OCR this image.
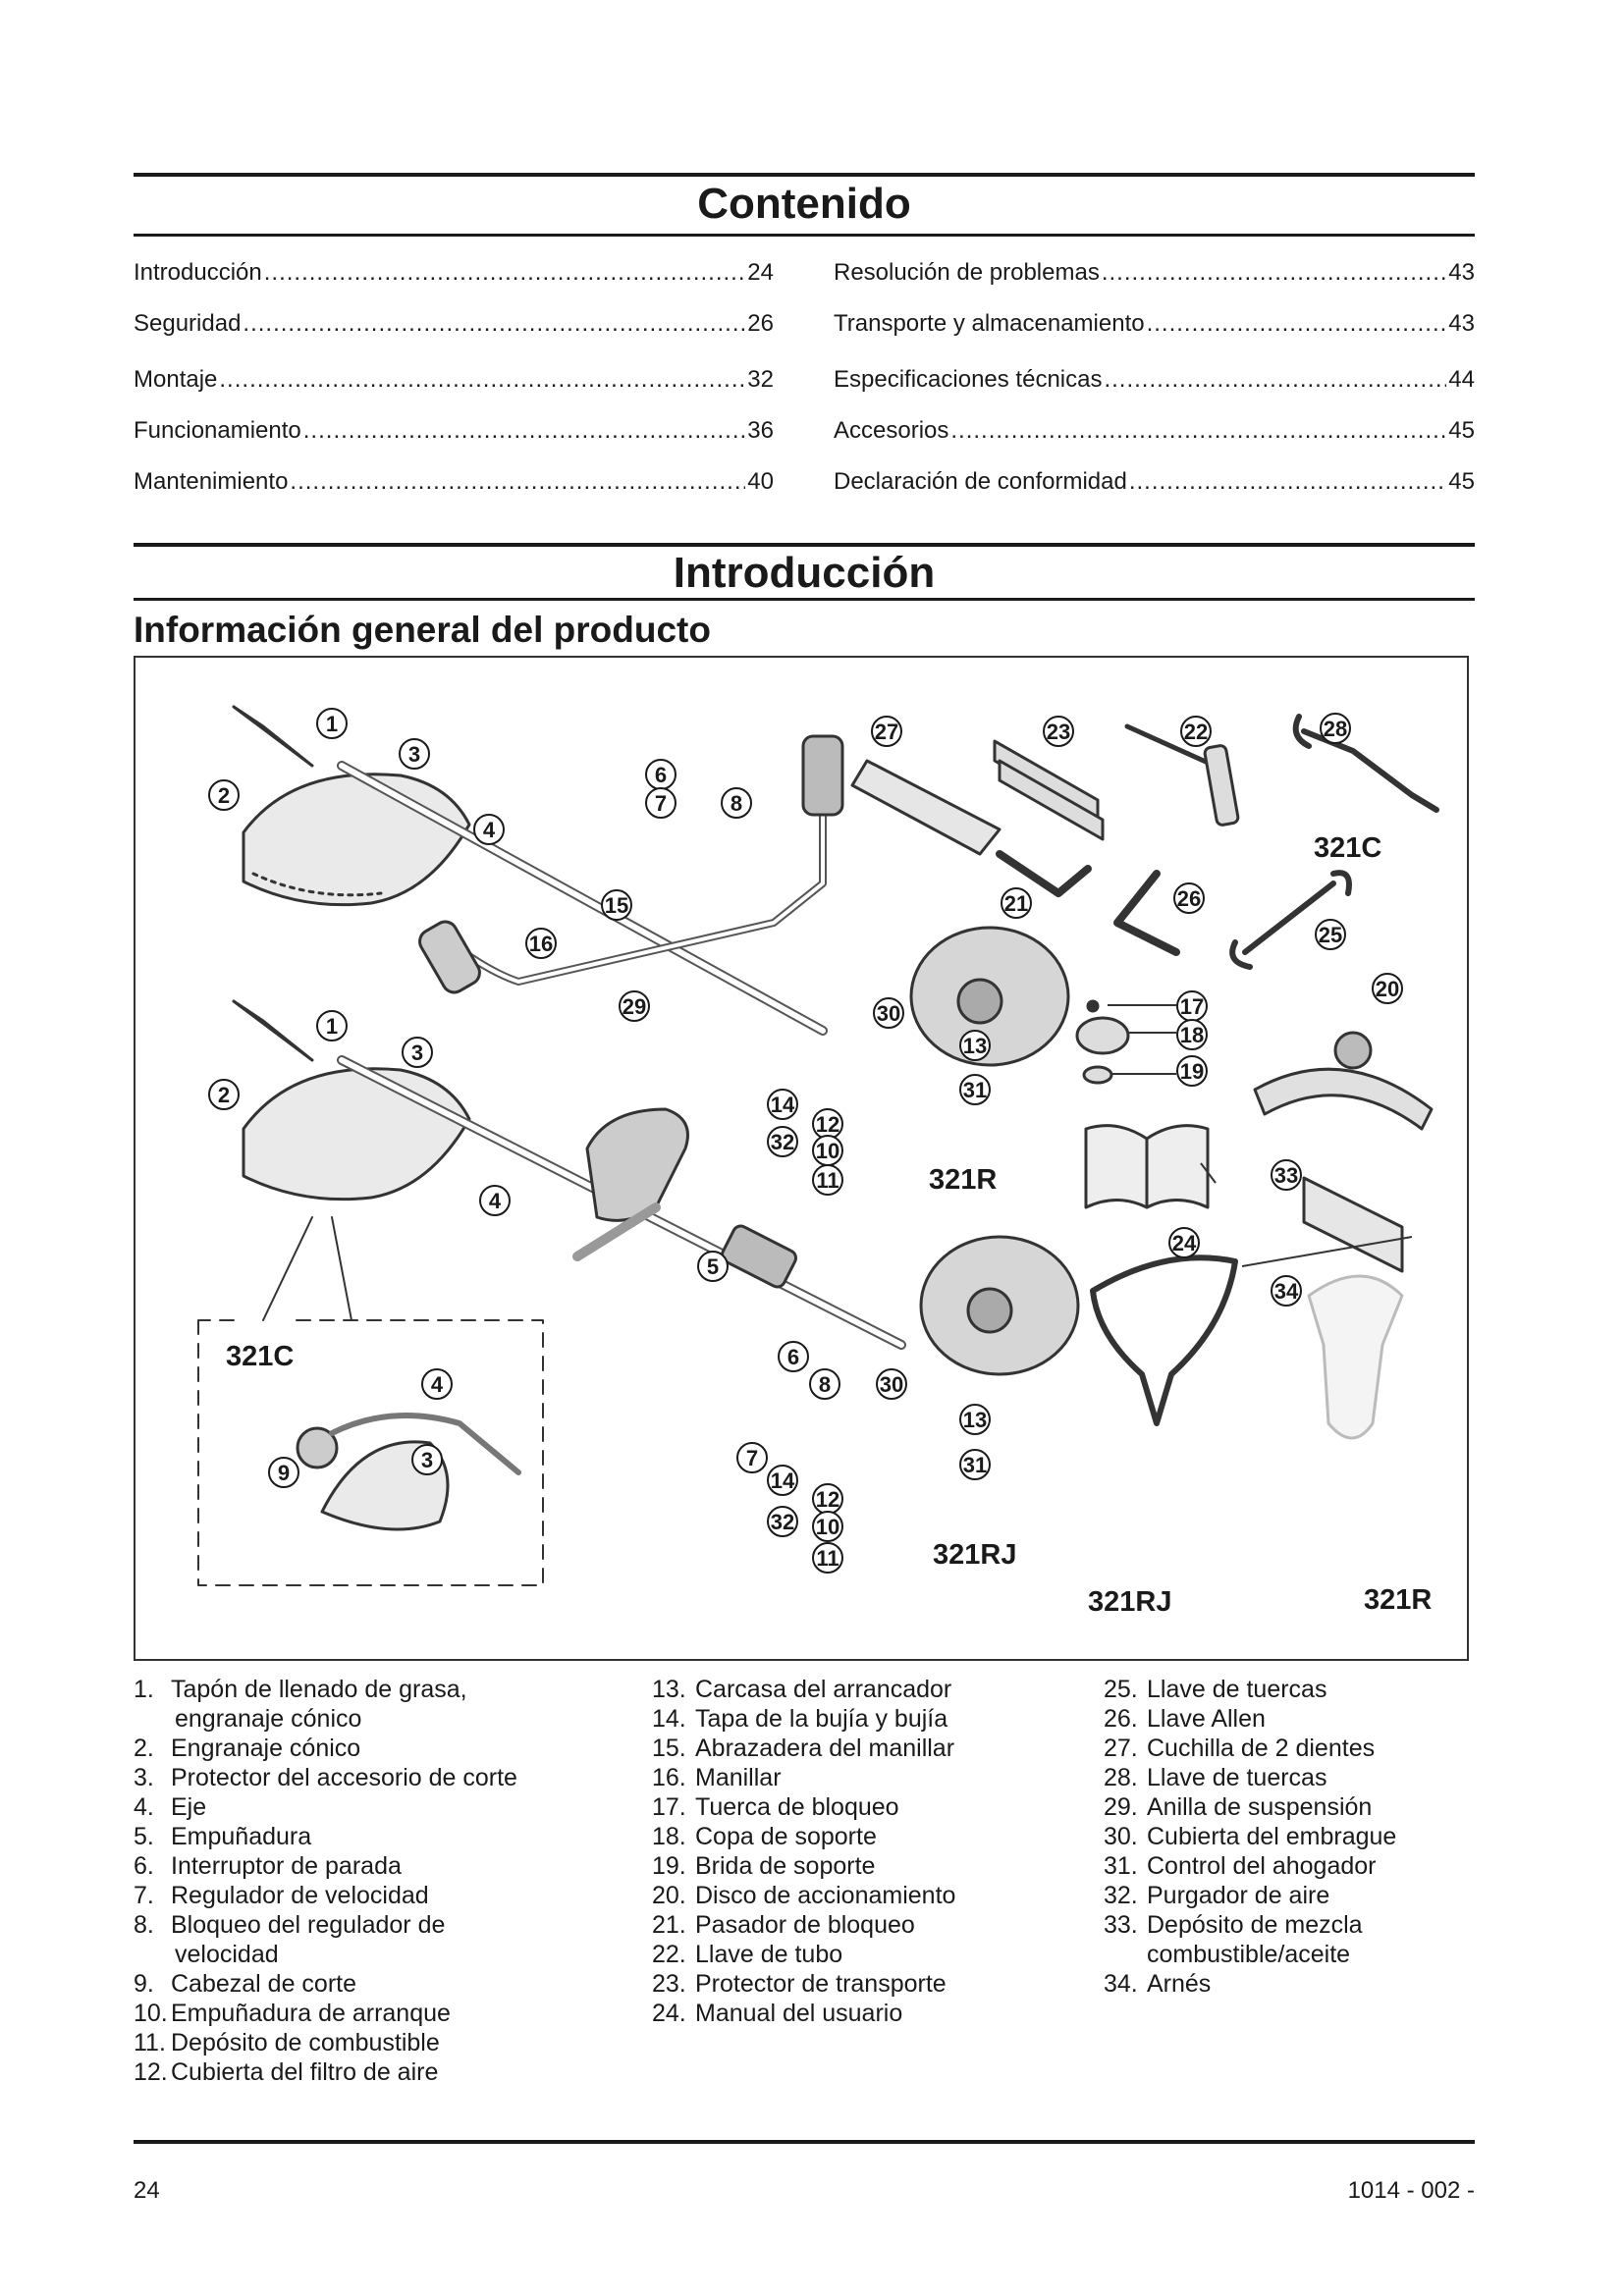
Contenido
Introducción .....	24
Seguridad .....	26
Montaje .....	32
Funcionamiento .....	36
Mantenimiento .....	40
Resolución de problemas .....	43
Transporte y almacenamiento .....	43
Especificaciones técnicas .....	44
Accesorios .....	45
Declaración de conformidad .....	45
Introducción
Información general del producto
1
2
3
4
6
7	8
15
16
29	30
13
31
14
12
32 10
11
1
2
3
4
5
6
8 30
7
13
31
14
12
32 10
11
4
9
3
27	23	22	28
21	26
25
17
18
19
20
24
33
34
321C
321R
321C
321RJ
321RJ	321R
1. Tapón de llenado de grasa,
engranaje cónico
2. Engranaje cónico
3. Protector del accesorio de corte
4. Eje
5. Empuñadura
6. Interruptor de parada
7. Regulador de velocidad
8. Bloqueo del regulador de
velocidad
9. Cabezal de corte
10. Empuñadura de arranque
11. Depósito de combustible
12. Cubierta del filtro de aire
13. Carcasa del arrancador
14. Tapa de la bujía y bujía
15. Abrazadera del manillar
16. Manillar
17. Tuerca de bloqueo
18. Copa de soporte
19. Brida de soporte
20. Disco de accionamiento
21. Pasador de bloqueo
22. Llave de tubo
23. Protector de transporte
24. Manual del usuario
25. Llave de tuercas
26. Llave Allen
27. Cuchilla de 2 dientes
28. Llave de tuercas
29. Anilla de suspensión
30. Cubierta del embrague
31. Control del ahogador
32. Purgador de aire
33. Depósito de mezcla
combustible/aceite
34. Arnés
24	1014 - 002 -
